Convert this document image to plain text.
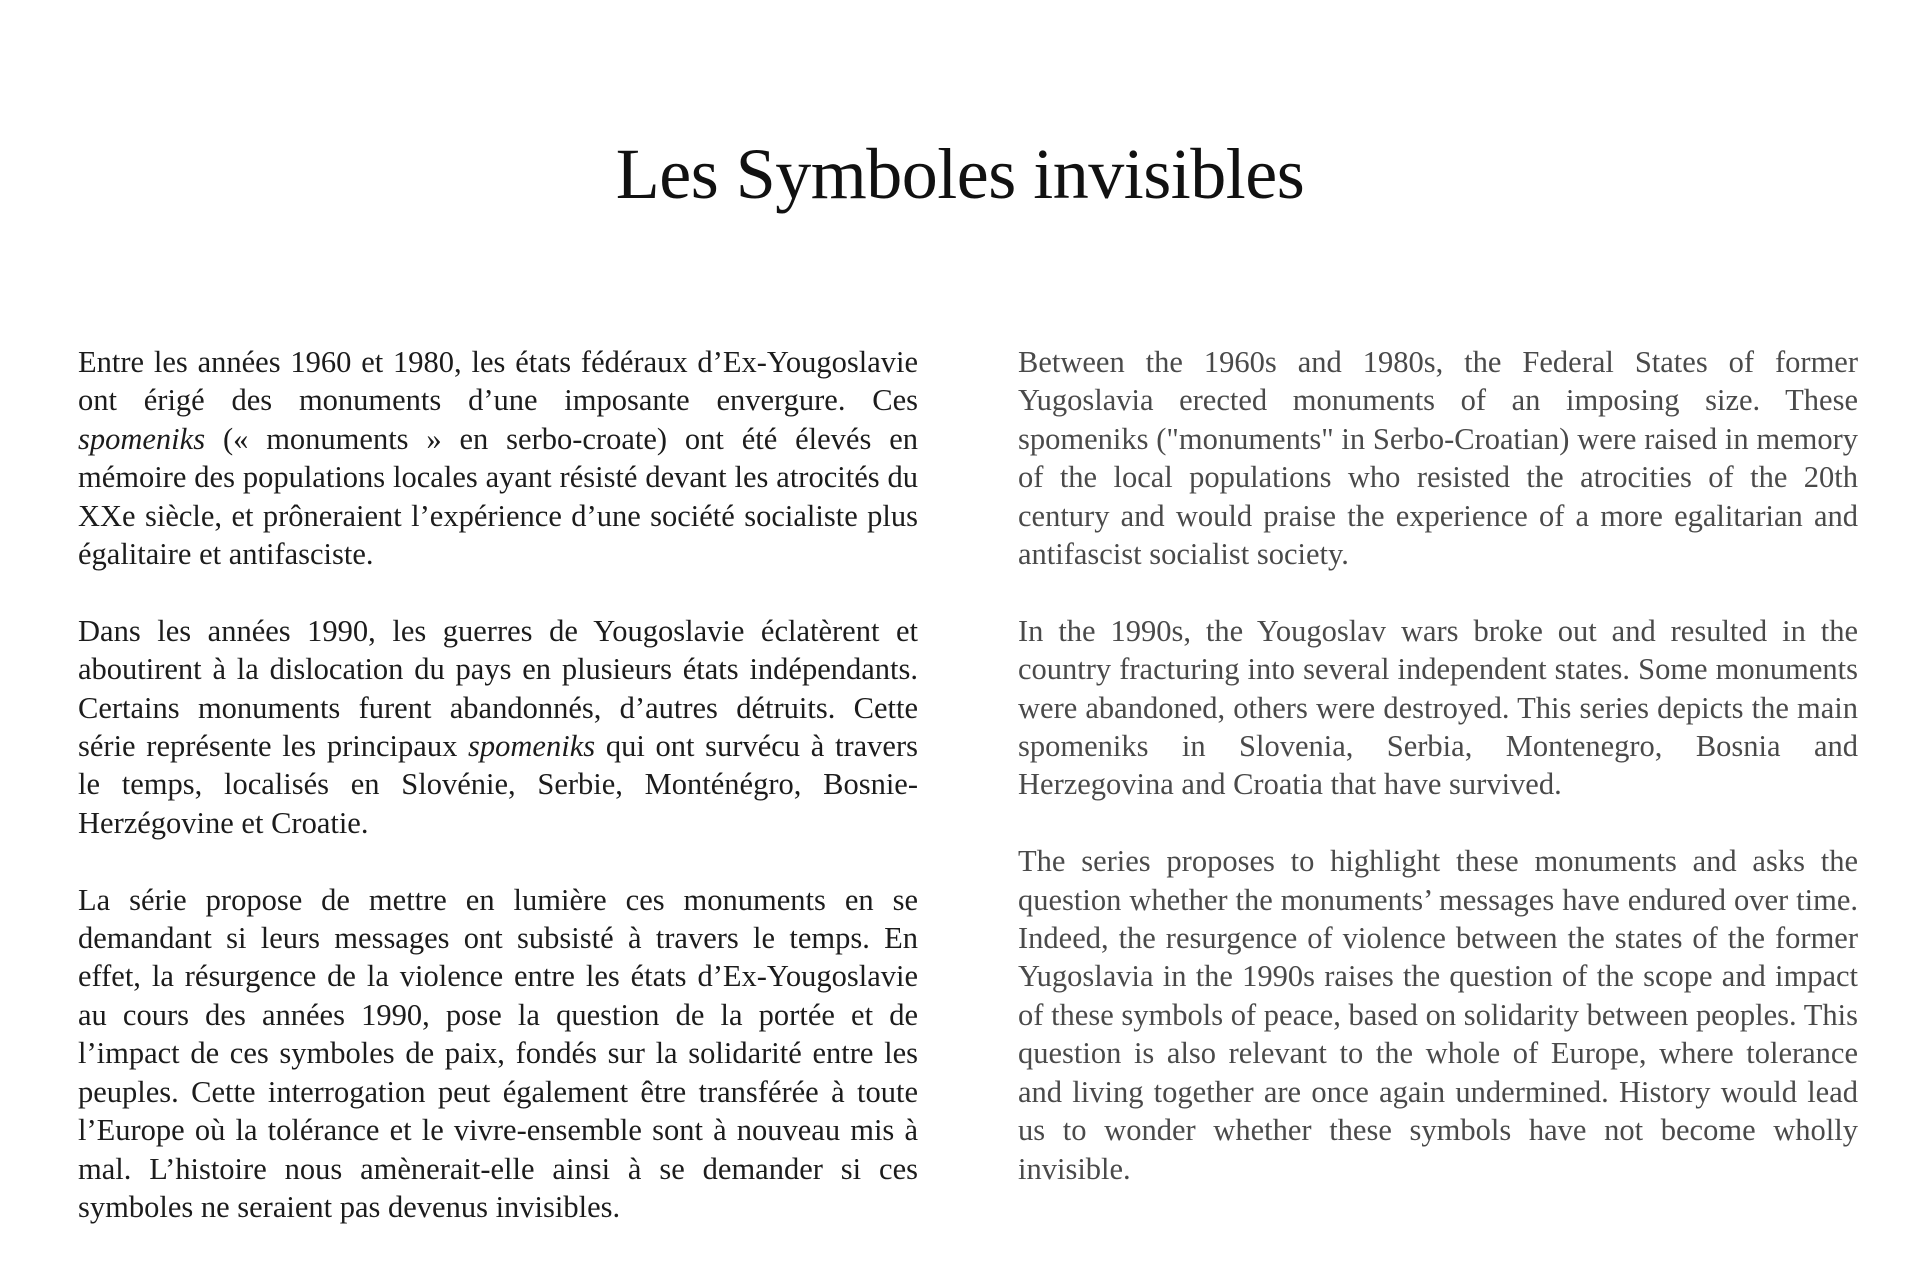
Les Symboles invisibles

Entre les années 1960 et 1980, les états fédéraux d’Ex-Yougoslavie ont érigé des monuments d’une imposante envergure. Ces spomeniks (« monuments » en serbo-croate) ont été élevés en mémoire des populations locales ayant résisté devant les atrocités du XXe siècle, et prôneraient l’expérience d’une société socialiste plus égalitaire et antifasciste.

Dans les années 1990, les guerres de Yougoslavie éclatèrent et aboutirent à la dislocation du pays en plusieurs états indépendants. Certains monuments furent abandonnés, d’autres détruits. Cette série représente les principaux spomeniks qui ont survécu à travers le temps, localisés en Slovénie, Serbie, Monténégro, Bosnie-Herzégovine et Croatie.

La série propose de mettre en lumière ces monuments en se demandant si leurs messages ont subsisté à travers le temps. En effet, la résurgence de la violence entre les états d’Ex-Yougoslavie au cours des années 1990, pose la question de la portée et de l’impact de ces symboles de paix, fondés sur la solidarité entre les peuples. Cette interrogation peut également être transférée à toute l’Europe où la tolérance et le vivre-ensemble sont à nouveau mis à mal. L’histoire nous amènerait-elle ainsi à se demander si ces symboles ne seraient pas devenus invisibles.

Between the 1960s and 1980s, the Federal States of former Yugoslavia erected monuments of an imposing size. These spomeniks ("monuments" in Serbo-Croatian) were raised in memory of the local populations who resisted the atrocities of the 20th century and would praise the experience of a more egalitarian and antifascist socialist society.

In the 1990s, the Yougoslav wars broke out and resulted in the country fracturing into several independent states. Some monuments were abandoned, others were destroyed. This series depicts the main spomeniks in Slovenia, Serbia, Montenegro, Bosnia and Herzegovina and Croatia that have survived.

The series proposes to highlight these monuments and asks the question whether the monuments’ messages have endured over time. Indeed, the resurgence of violence between the states of the former Yugoslavia in the 1990s raises the question of the scope and impact of these symbols of peace, based on solidarity between peoples. This question is also relevant to the whole of Europe, where tolerance and living together are once again undermined. History would lead us to wonder whether these symbols have not become wholly invisible.
